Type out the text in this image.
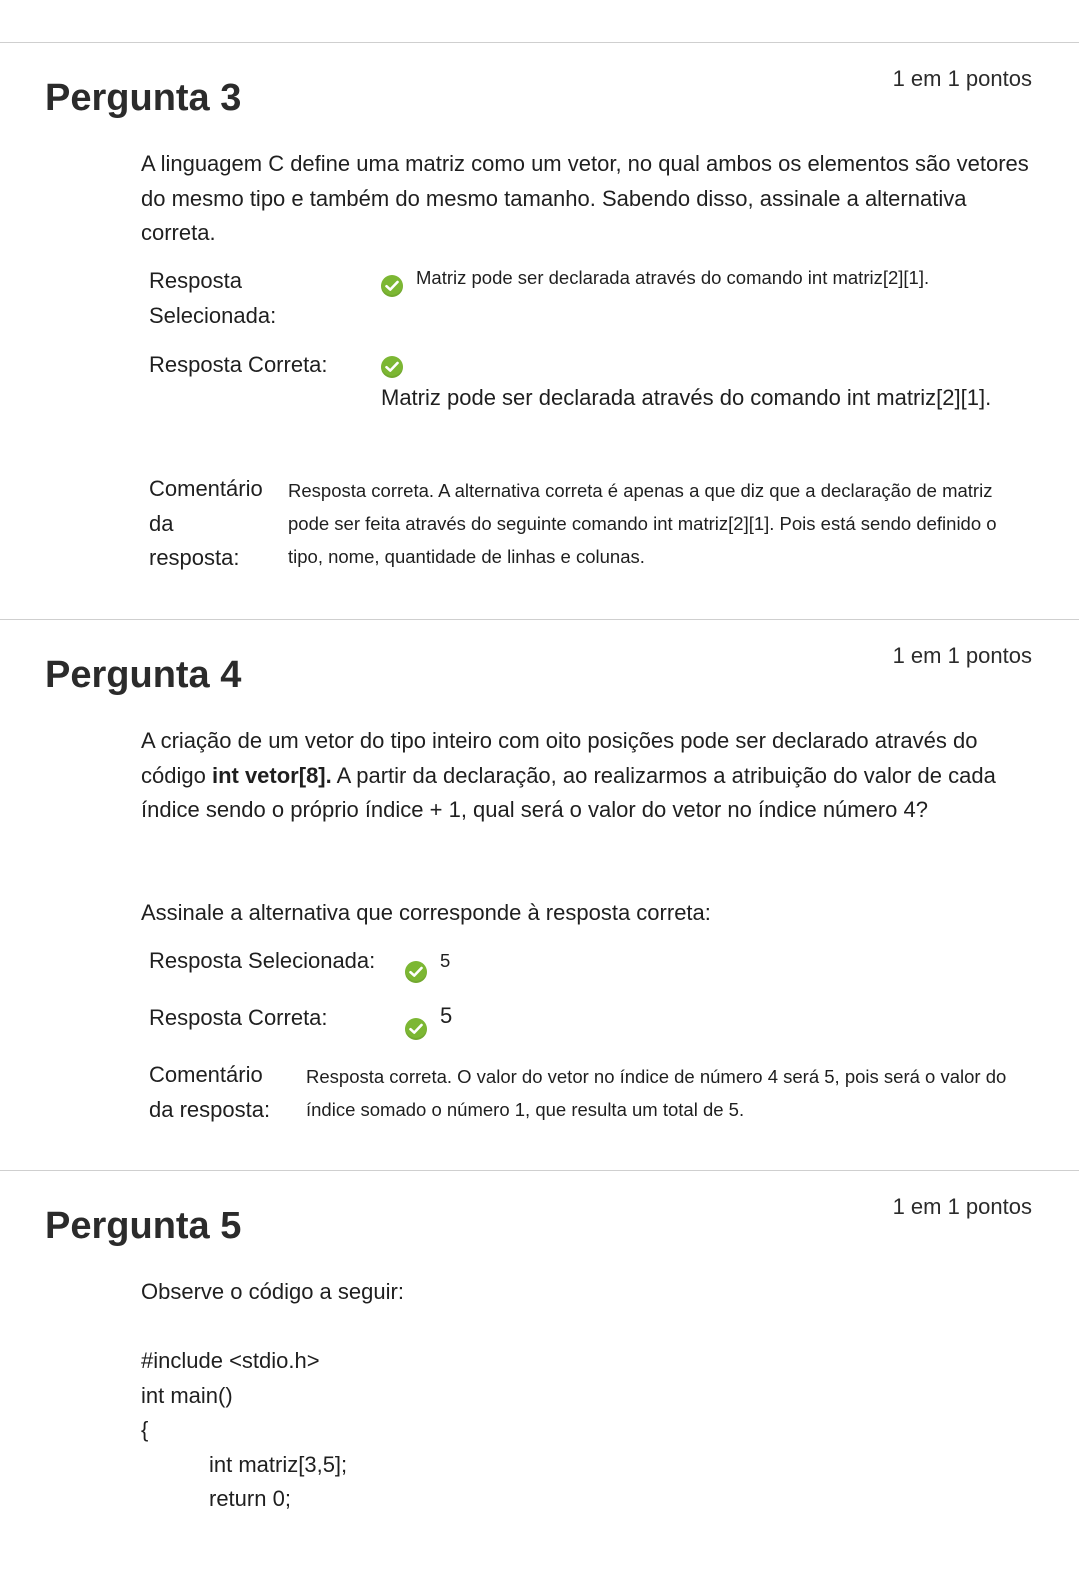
Pergunta 3	1 em 1 pontos
A linguagem C define uma matriz como um vetor, no qual ambos os elementos são vetores do mesmo tipo e também do mesmo tamanho. Sabendo disso, assinale a alternativa correta.
Resposta
Selecionada:
Matriz pode ser declarada através do comando int matriz[2][1].
Resposta Correta:
Matriz pode ser declarada através do comando int matriz[2][1].
Comentário
da
resposta:
Resposta correta. A alternativa correta é apenas a que diz que a declaração de matriz pode ser feita através do seguinte comando int matriz[2][1]. Pois está sendo definido o tipo, nome, quantidade de linhas e colunas.
Pergunta 4	1 em 1 pontos
A criação de um vetor do tipo inteiro com oito posições pode ser declarado através do código int vetor[8]. A partir da declaração, ao realizarmos a atribuição do valor de cada índice sendo o próprio índice + 1, qual será o valor do vetor no índice número 4?
Assinale a alternativa que corresponde à resposta correta:
Resposta Selecionada:	5
Resposta Correta:	5
Comentário
da resposta:
Resposta correta. O valor do vetor no índice de número 4 será 5, pois será o valor do índice somado o número 1, que resulta um total de 5.
Pergunta 5	1 em 1 pontos
Observe o código a seguir:
#include <stdio.h>
int main()
{
int matriz[3,5];
return 0;
